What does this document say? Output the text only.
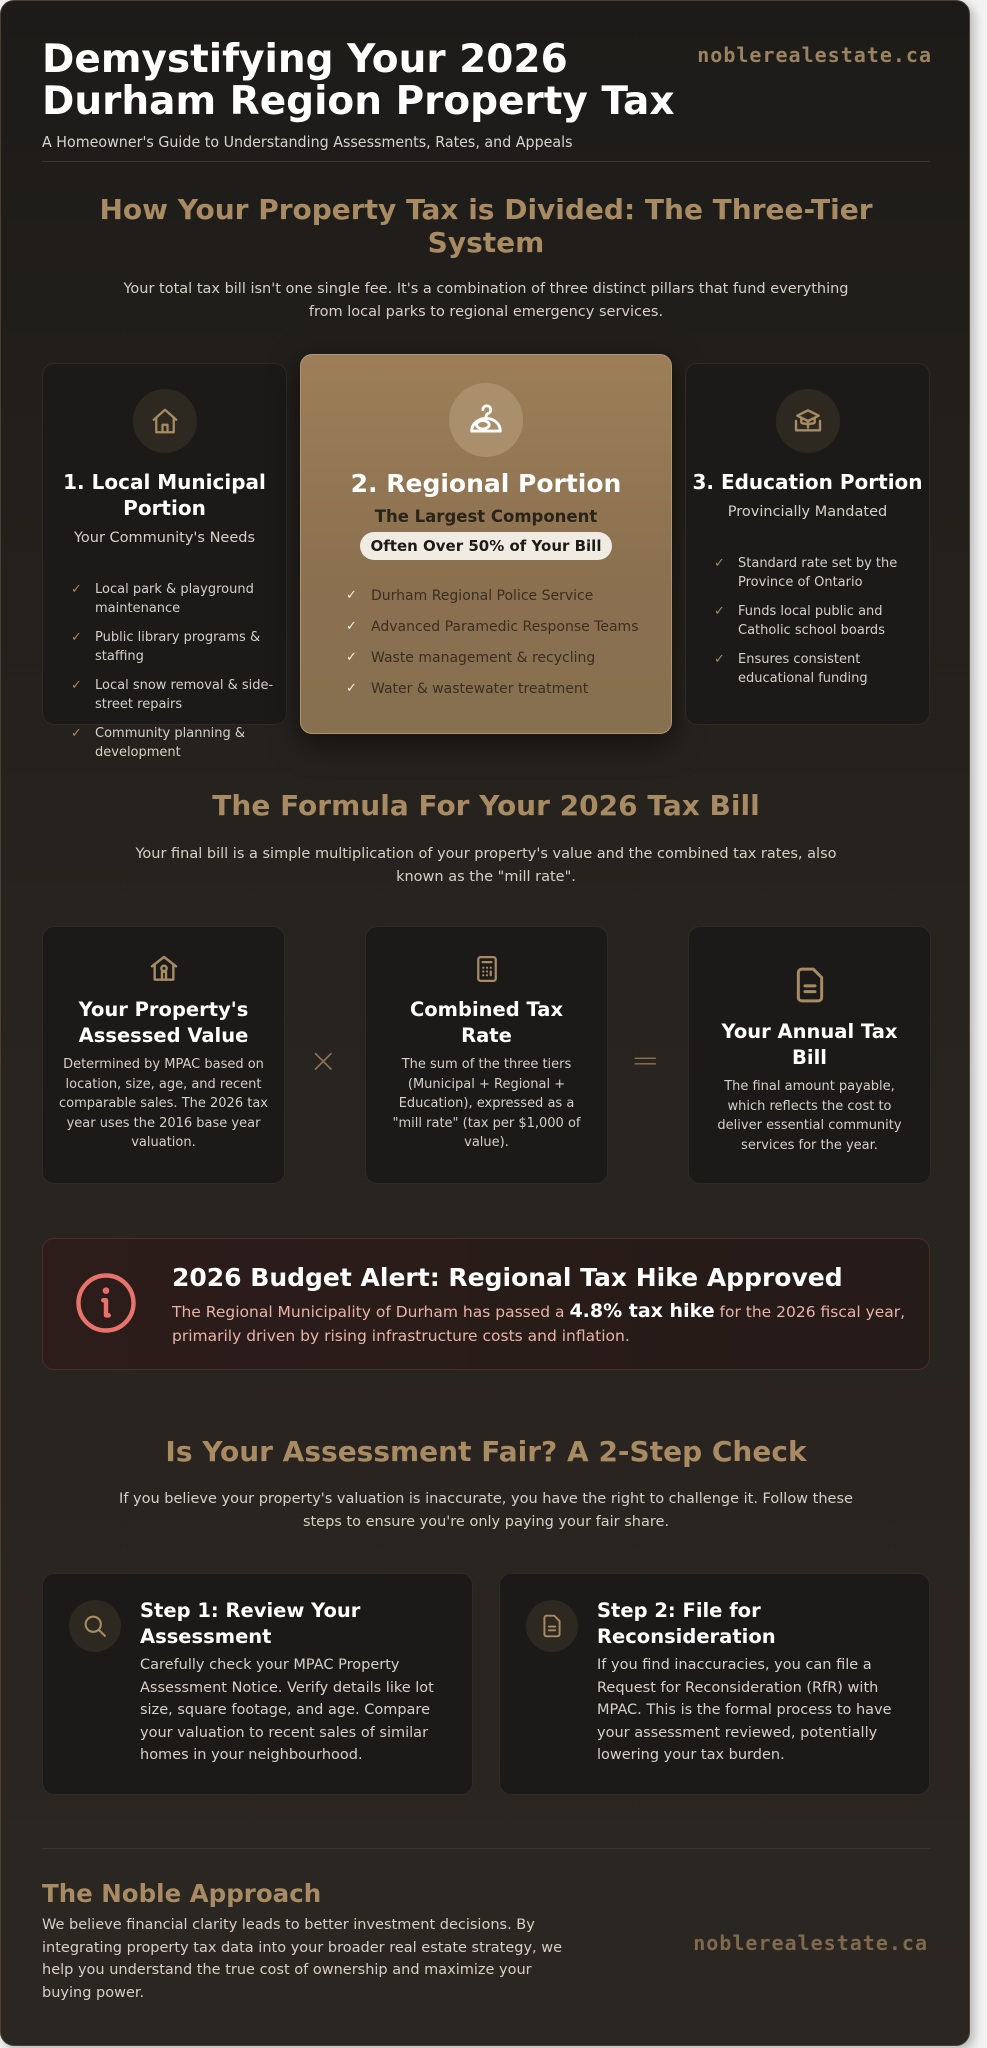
Demystifying Your 2026 Durham Region Property Tax
A Homeowner's Guide to Understanding Assessments, Rates, and Appeals
noblerealestate.ca
How Your Property Tax is Divided: The Three-Tier System

Your total tax bill isn't one single fee. It's a combination of three distinct pillars that fund everything from local parks to regional emergency services.

1. Local Municipal Portion
Your Community's Needs
✓ Local park & playground maintenance
✓ Public library programs & staffing
✓ Local snow removal & side-street repairs
✓ Community planning & development
2. Regional Portion
The Largest Component
Often Over 50% of Your Bill
✓ Durham Regional Police Service
✓ Advanced Paramedic Response Teams
✓ Waste management & recycling
✓ Water & wastewater treatment
3. Education Portion
Provincially Mandated
✓ Standard rate set by the Province of Ontario
✓ Funds local public and Catholic school boards
✓ Ensures consistent educational funding
The Formula For Your 2026 Tax Bill

Your final bill is a simple multiplication of your property's value and the combined tax rates, also known as the "mill rate".

Your Property's Assessed Value

Determined by MPAC based on location, size, age, and recent comparable sales. The 2026 tax year uses the 2016 base year valuation.

×
Combined Tax Rate

The sum of the three tiers (Municipal + Regional + Education), expressed as a "mill rate" (tax per $1,000 of value).

=
Your Annual Tax Bill

The final amount payable, which reflects the cost to deliver essential community services for the year.

2026 Budget Alert: Regional Tax Hike Approved

The Regional Municipality of Durham has passed a 4.8% tax hike for the 2026 fiscal year, primarily driven by rising infrastructure costs and inflation.

Is Your Assessment Fair? A 2-Step Check

If you believe your property's valuation is inaccurate, you have the right to challenge it. Follow these steps to ensure you're only paying your fair share.

Step 1: Review Your Assessment

Carefully check your MPAC Property Assessment Notice. Verify details like lot size, square footage, and age. Compare your valuation to recent sales of similar homes in your neighbourhood.

Step 2: File for Reconsideration

If you find inaccuracies, you can file a Request for Reconsideration (RfR) with MPAC. This is the formal process to have your assessment reviewed, potentially lowering your tax burden.

The Noble Approach

We believe financial clarity leads to better investment decisions. By integrating property tax data into your broader real estate strategy, we help you understand the true cost of ownership and maximize your buying power.

noblerealestate.ca
